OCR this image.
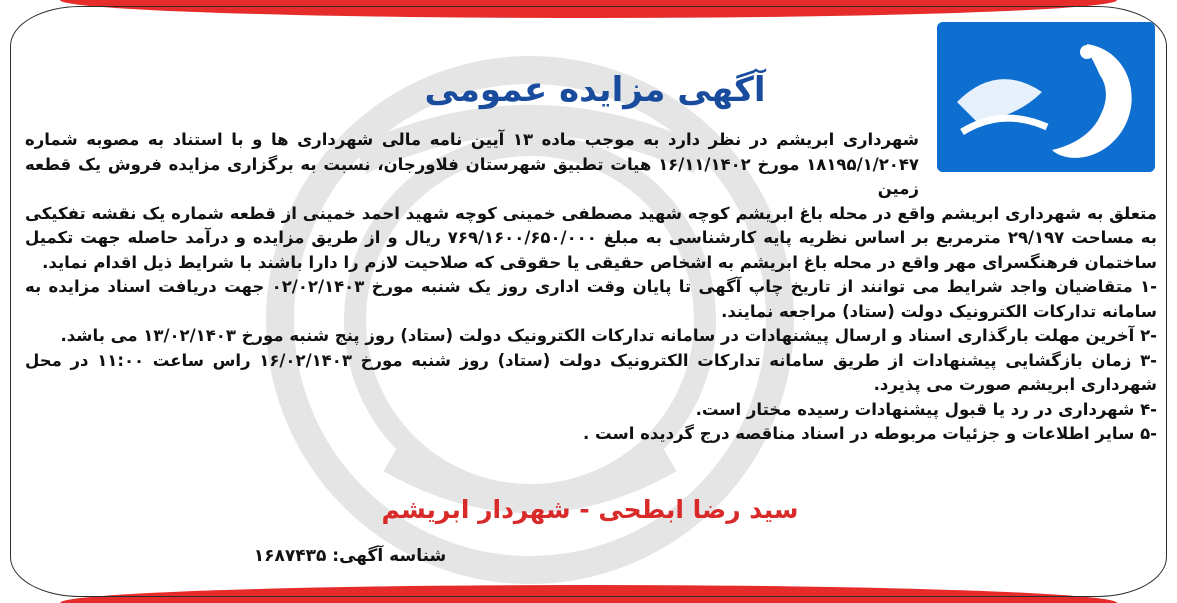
آگهی مزایده عمومی

شهرداری ابریشم در نظر دارد به موجب ماده ۱۳ آیین نامه مالی شهرداری ها و با استناد به مصوبه شماره ۱۸۱۹۵/۱/۲۰۴۷ مورخ ۱۶/۱۱/۱۴۰۲ هیات تطبیق شهرستان فلاورجان، نسبت به برگزاری مزایده فروش یک قطعه زمین

متعلق به شهرداری ابریشم واقع در محله باغ ابریشم کوچه شهید مصطفی خمینی کوچه شهید احمد خمینی از قطعه شماره یک نقشه تفکیکی به مساحت ۲۹/۱۹۷ مترمربع بر اساس نظریه پایه کارشناسی به مبلغ ۷۶۹/۱۶۰۰/۶۵۰/۰۰۰ ریال و از طریق مزایده و درآمد حاصله جهت تکمیل ساختمان فرهنگسرای مهر واقع در محله باغ ابریشم به اشخاص حقیقی یا حقوقی که صلاحیت لازم را دارا باشند با شرایط ذیل اقدام نماید.

-۱ متقاضیان واجد شرایط می توانند از تاریخ چاپ آگهی تا پایان وقت اداری روز یک شنبه مورخ ۰۲/۰۲/۱۴۰۳ جهت دریافت اسناد مزایده به سامانه تدارکات الکترونیک دولت (ستاد) مراجعه نمایند.

-۲ آخرین مهلت بارگذاری اسناد و ارسال پیشنهادات در سامانه تدارکات الکترونیک دولت (ستاد) روز پنج شنبه مورخ ۱۳/۰۲/۱۴۰۳ می باشد.

-۳ زمان بازگشایی پیشنهادات از طریق سامانه تدارکات الکترونیک دولت (ستاد) روز شنبه مورخ ۱۶/۰۲/۱۴۰۳ راس ساعت ۱۱:۰۰ در محل شهرداری ابریشم صورت می پذیرد.

-۴ شهرداری در رد یا قبول پیشنهادات رسیده مختار است.

-۵ سایر اطلاعات و جزئیات مربوطه در اسناد مناقصه درج گردیده است .

سید رضا ابطحی - شهردار ابریشم
شناسه آگهی: ۱۶۸۷۴۳۵
